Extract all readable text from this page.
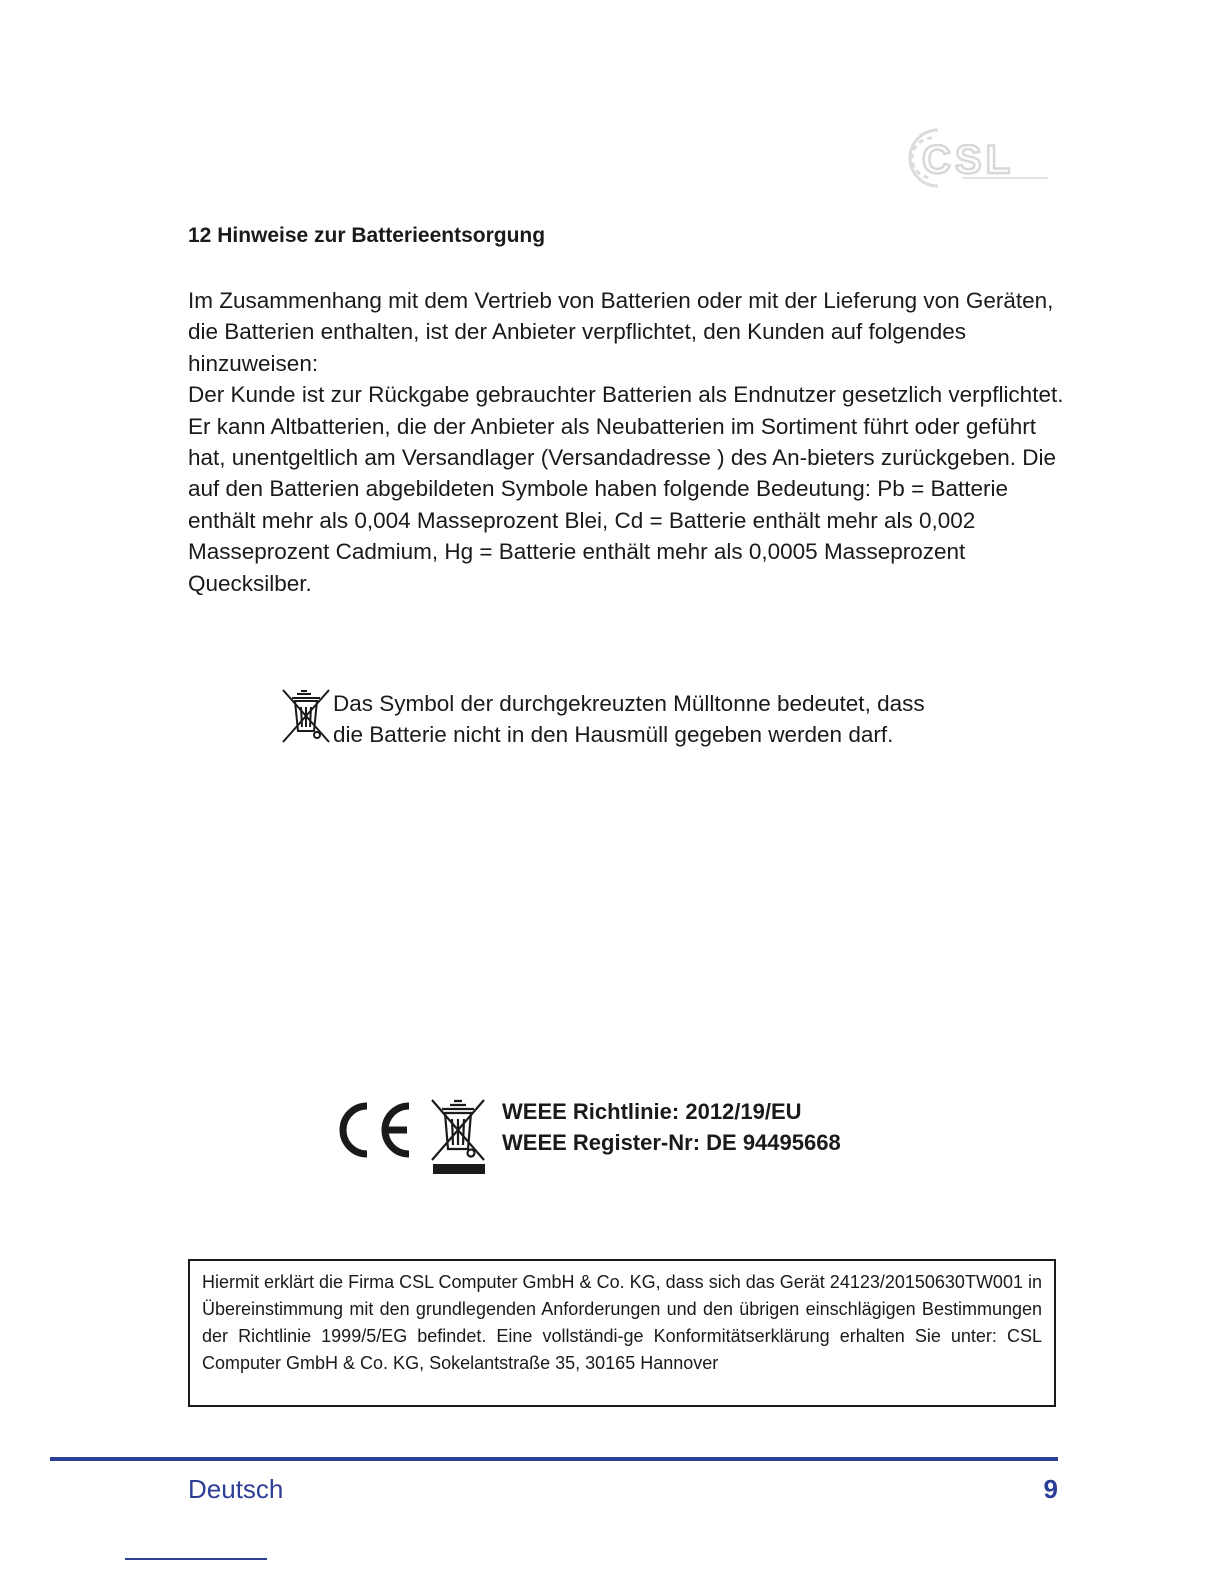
CSL
12 Hinweise zur Batterieentsorgung

Im Zusammenhang mit dem Vertrieb von Batterien oder mit der Lieferung von Geräten, die Batterien enthalten, ist der Anbieter verpflichtet, den Kunden auf folgendes hinzuweisen:

Der Kunde ist zur Rückgabe gebrauchter Batterien als Endnutzer gesetzlich verpflichtet. Er kann Altbatterien, die der Anbieter als Neubatterien im Sortiment führt oder geführt hat, unentgeltlich am Versandlager (Versandadresse ) des An-bieters zurückgeben. Die auf den Batterien abgebildeten Symbole haben folgende Bedeutung: Pb = Batterie enthält mehr als 0,004 Masseprozent Blei, Cd = Batterie enthält mehr als 0,002 Masseprozent Cadmium, Hg = Batterie enthält mehr als 0,0005 Masseprozent Quecksilber.

Das Symbol der durchgekreuzten Mülltonne bedeutet, dass
die Batterie nicht in den Hausmüll gegeben werden darf.
WEEE Richtlinie: 2012/19/EU
WEEE Register-Nr: DE 94495668
Hiermit erklärt die Firma CSL Computer GmbH & Co. KG, dass sich das Gerät 24123/20150630TW001 in Übereinstimmung mit den grundlegenden Anforderungen und den übrigen einschlägigen Bestimmungen der Richtlinie 1999/5/EG befindet. Eine vollständi-ge Konformitätserklärung erhalten Sie unter: CSL Computer GmbH & Co. KG, Sokelantstraße 35, 30165 Hannover
Deutsch	9
